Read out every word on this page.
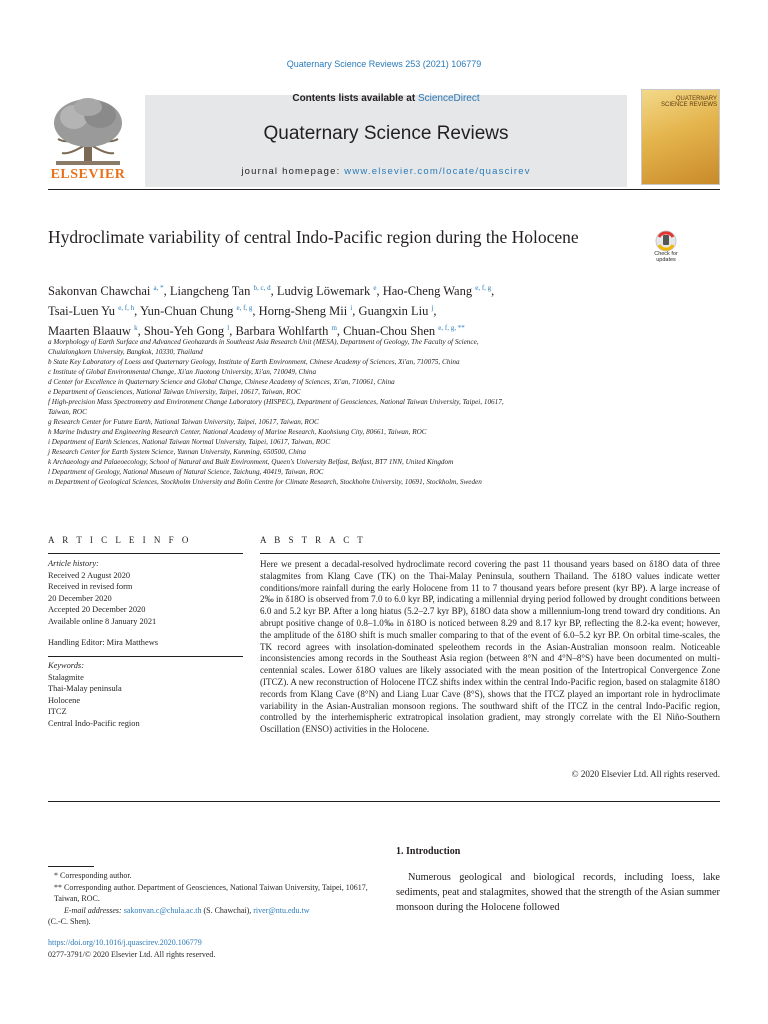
Quaternary Science Reviews 253 (2021) 106779
ELSEVIER
Contents lists available at ScienceDirect
Quaternary Science Reviews
journal homepage: www.elsevier.com/locate/quascirev
QUATERNARY SCIENCE REVIEWS
Hydroclimate variability of central Indo-Pacific region during the Holocene
Check for updates
Sakonvan Chawchai $^{a, *}$, Liangcheng Tan $^{b, c, d}$, Ludvig Löwemark $^e$, Hao-Cheng Wang $^{e, f, g}$,
Tsai-Luen Yu $^{e, f, h}$, Yun-Chuan Chung $^{e, f, g}$, Horng-Sheng Mii $^i$, Guangxin Liu $^j$,
Maarten Blaauw $^k$, Shou-Yeh Gong $^l$, Barbara Wohlfarth $^m$, Chuan-Chou Shen $^{e, f, g, **}$
a Morphology of Earth Surface and Advanced Geohazards in Southeast Asia Research Unit (MESA), Department of Geology, The Faculty of Science,
Chulalongkorn University, Bangkok, 10330, Thailand
b State Key Laboratory of Loess and Quaternary Geology, Institute of Earth Environment, Chinese Academy of Sciences, Xi'an, 710075, China
c Institute of Global Environmental Change, Xi'an Jiaotong University, Xi'an, 710049, China
d Center for Excellence in Quaternary Science and Global Change, Chinese Academy of Sciences, Xi'an, 710061, China
e Department of Geosciences, National Taiwan University, Taipei, 10617, Taiwan, ROC
f High-precision Mass Spectrometry and Environment Change Laboratory (HISPEC), Department of Geosciences, National Taiwan University, Taipei, 10617,
Taiwan, ROC
g Research Center for Future Earth, National Taiwan University, Taipei, 10617, Taiwan, ROC
h Marine Industry and Engineering Research Center, National Academy of Marine Research, Kaohsiung City, 80661, Taiwan, ROC
i Department of Earth Sciences, National Taiwan Normal University, Taipei, 10617, Taiwan, ROC
j Research Center for Earth System Science, Yunnan University, Kunming, 650500, China
k Archaeology and Palaeoecology, School of Natural and Built Environment, Queen's University Belfast, Belfast, BT7 1NN, United Kingdom
l Department of Geology, National Museum of Natural Science, Taichung, 40419, Taiwan, ROC
m Department of Geological Sciences, Stockholm University and Bolin Centre for Climate Research, Stockholm University, 10691, Stockholm, Sweden
A R T I C L E I N F O	A B S T R A C T
Article history:
Received 2 August 2020
Received in revised form
20 December 2020
Accepted 20 December 2020
Available online 8 January 2021
Handling Editor: Mira Matthews
Keywords:
Stalagmite
Thai-Malay peninsula
Holocene
ITCZ
Central Indo-Pacific region
Here we present a decadal-resolved hydroclimate record covering the past 11 thousand years based on δ18O data of three stalagmites from Klang Cave (TK) on the Thai-Malay Peninsula, southern Thailand. The δ18O values indicate wetter conditions/more rainfall during the early Holocene from 11 to 7 thousand years before present (kyr BP). A large increase of 2‰ in δ18O is observed from 7.0 to 6.0 kyr BP, indicating a millennial drying period followed by drought conditions between 6.0 and 5.2 kyr BP. After a long hiatus (5.2–2.7 kyr BP), δ18O data show a millennium-long trend toward dry conditions. An abrupt positive change of 0.8–1.0‰ in δ18O is noticed between 8.29 and 8.17 kyr BP, reflecting the 8.2-ka event; however, the amplitude of the δ18O shift is much smaller comparing to that of the event of 6.0–5.2 kyr BP. On orbital time-scales, the TK record agrees with insolation-dominated speleothem records in the Asian-Australian monsoon realm. Noticeable inconsistencies among records in the Southeast Asia region (between 8°N and 4°N–8°S) have been documented on multi-centennial scales. Lower δ18O values are likely associated with the mean position of the Intertropical Convergence Zone (ITCZ). A new reconstruction of Holocene ITCZ shifts index within the central Indo-Pacific region, based on stalagmite δ18O records from Klang Cave (8°N) and Liang Luar Cave (8°S), shows that the ITCZ played an important role in hydroclimate variability in the Asian-Australian monsoon regions. The southward shift of the ITCZ in the central Indo-Pacific region, controlled by the interhemispheric extratropical insolation gradient, may strongly correlate with the El Niño-Southern Oscillation (ENSO) activities in the Holocene.
© 2020 Elsevier Ltd. All rights reserved.
1. Introduction
Numerous geological and biological records, including loess, lake sediments, peat and stalagmites, showed that the strength of the Asian summer monsoon during the Holocene followed
* Corresponding author.
** Corresponding author. Department of Geosciences, National Taiwan University, Taipei, 10617, Taiwan, ROC.
E-mail addresses: sakonvan.c@chula.ac.th (S. Chawchai), river@ntu.edu.tw
(C.-C. Shen).
https://doi.org/10.1016/j.quascirev.2020.106779
0277-3791/© 2020 Elsevier Ltd. All rights reserved.
